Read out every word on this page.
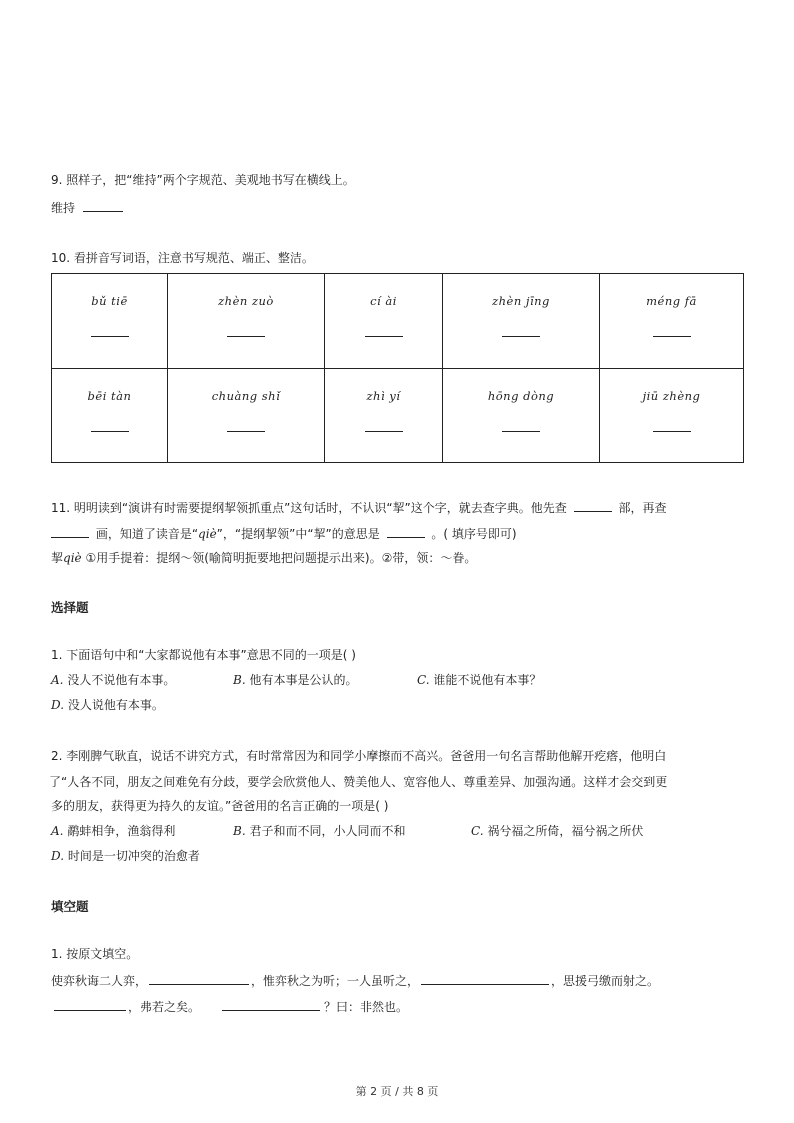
9. 照样子，把“维持”两个字规范、美观地书写在横线上。
维持
10. 看拼音写词语，注意书写规范、端正、整洁。
bǔ tiē	zhèn zuò	cí ài	zhèn jīng	méng fā

bēi tàn	chuàng shǐ	zhì yí	hōng dòng	jiū zhèng
11. 明明读到“演讲有时需要提纲挈领抓重点”这句话时，不认识“挈”这个字，就去查字典。他先查	部，再查
画，知道了读音是“qiè”，“提纲挈领”中“挈”的意思是	。( 填序号即可)
挈qiè ①用手提着：提纲～领(喻简明扼要地把问题提示出来)。②带，领：～眷。
选择题
1. 下面语句中和“大家都说他有本事”意思不同的一项是( )
A. 没人不说他有本事。	B. 他有本事是公认的。	C. 谁能不说他有本事？
D. 没人说他有本事。
2. 李刚脾气耿直，说话不讲究方式，有时常常因为和同学小摩擦而不高兴。爸爸用一句名言帮助他解开疙瘩，他明白
了“人各不同，朋友之间难免有分歧，要学会欣赏他人、赞美他人、宽容他人、尊重差异、加强沟通。这样才会交到更
多的朋友，获得更为持久的友谊。”爸爸用的名言正确的一项是( )
A. 鹬蚌相争，渔翁得利	B. 君子和而不同，小人同而不和	C. 祸兮福之所倚，福兮祸之所伏
D. 时间是一切冲突的治愈者
填空题
1. 按原文填空。
使弈秋诲二人弈，	，惟弈秋之为听；一人虽听之，	，思援弓缴而射之。
，弗若之矣。	？曰：非然也。
第 2 页 / 共 8 页
